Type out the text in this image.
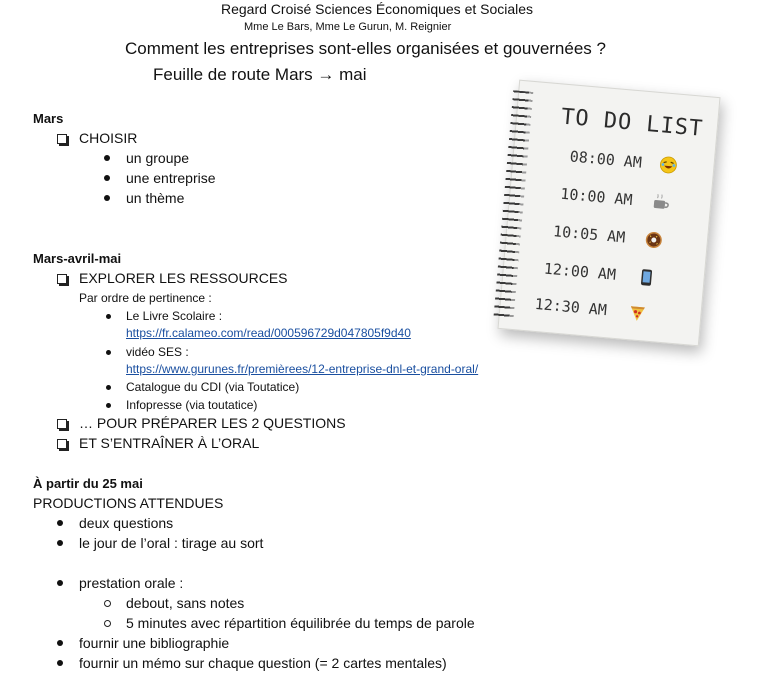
Regard Croisé Sciences Économiques et Sociales
Mme Le Bars, Mme Le Gurun, M. Reignier
Comment les entreprises sont-elles organisées et gouvernées ?
Feuille de route Mars → mai
Mars
CHOISIR
un groupe
une entreprise
un thème
Mars-avril-mai
EXPLORER LES RESSOURCES
Par ordre de pertinence :
Le Livre Scolaire :
https://fr.calameo.com/read/000596729d047805f9d40
vidéo SES :
https://www.gurunes.fr/premièrees/12-entreprise-dnl-et-grand-oral/
Catalogue du CDI (via Toutatice)
Infopresse (via toutatice)
… POUR PRÉPARER LES 2 QUESTIONS
ET S’ENTRAÎNER À L’ORAL
À partir du 25 mai
PRODUCTIONS ATTENDUES
deux questions
le jour de l’oral : tirage au sort
prestation orale :
debout, sans notes
5 minutes avec répartition équilibrée du temps de parole
fournir une bibliographie
fournir un mémo sur chaque question (= 2 cartes mentales)
TO DO LIST
08:00 AM
10:00 AM
10:05 AM
12:00 AM
12:30 AM
